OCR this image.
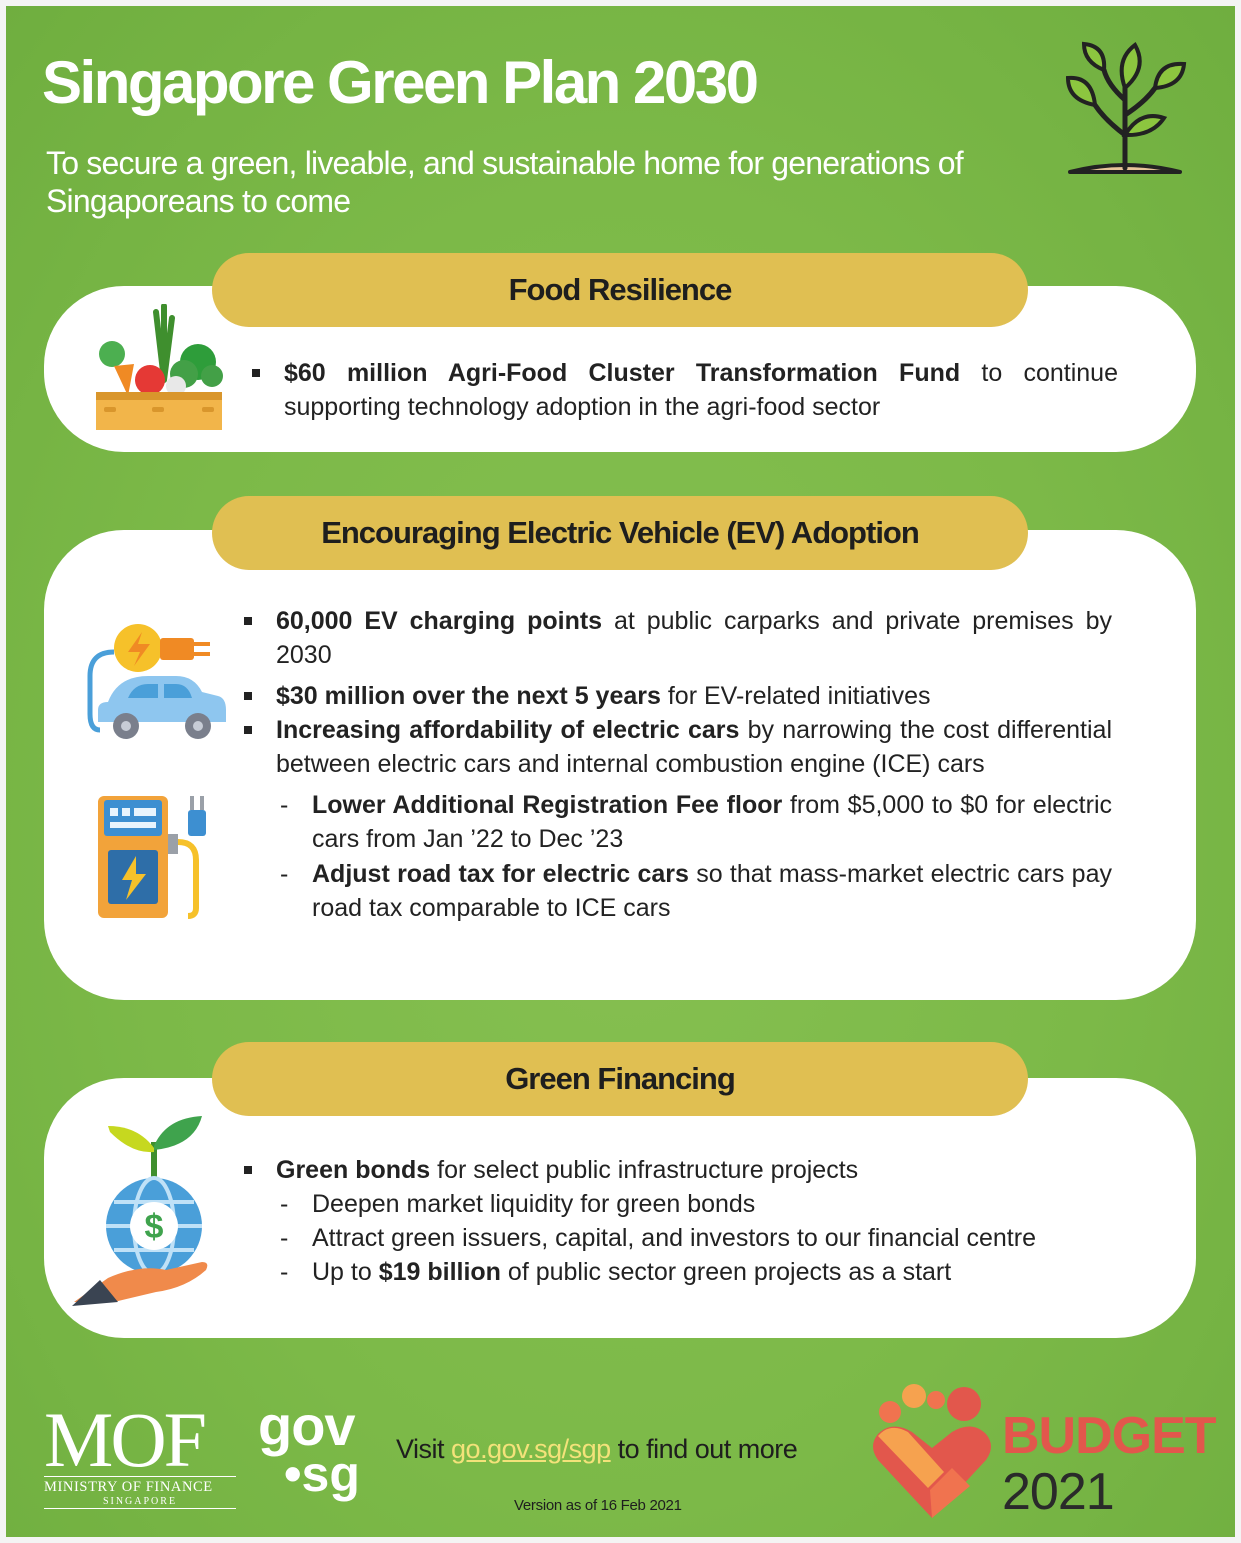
Singapore Green Plan 2030

To secure a green, liveable, and sustainable home for generations of Singaporeans to come

Food Resilience
$60 million Agri-Food Cluster Transformation Fund to continue supporting technology adoption in the agri-food sector
Encouraging Electric Vehicle (EV) Adoption
60,000 EV charging points at public carparks and private premises by 2030
$30 million over the next 5 years for EV-related initiatives
Increasing affordability of electric cars by narrowing the cost differential between electric cars and internal combustion engine (ICE) cars
- Lower Additional Registration Fee floor from $5,000 to $0 for electric cars from Jan ’22 to Dec ’23
- Adjust road tax for electric cars so that mass-market electric cars pay road tax comparable to ICE cars
Green Financing
$
Green bonds for select public infrastructure projects
- Deepen market liquidity for green bonds
- Attract green issuers, capital, and investors to our financial centre
- Up to $19 billion of public sector green projects as a start
MOF
MINISTRY OF FINANCE
SINGAPORE
gov
•sg Visit go.gov.sg/sgp to find out more
Version as of 16 Feb 2021
BUDGET
2021
